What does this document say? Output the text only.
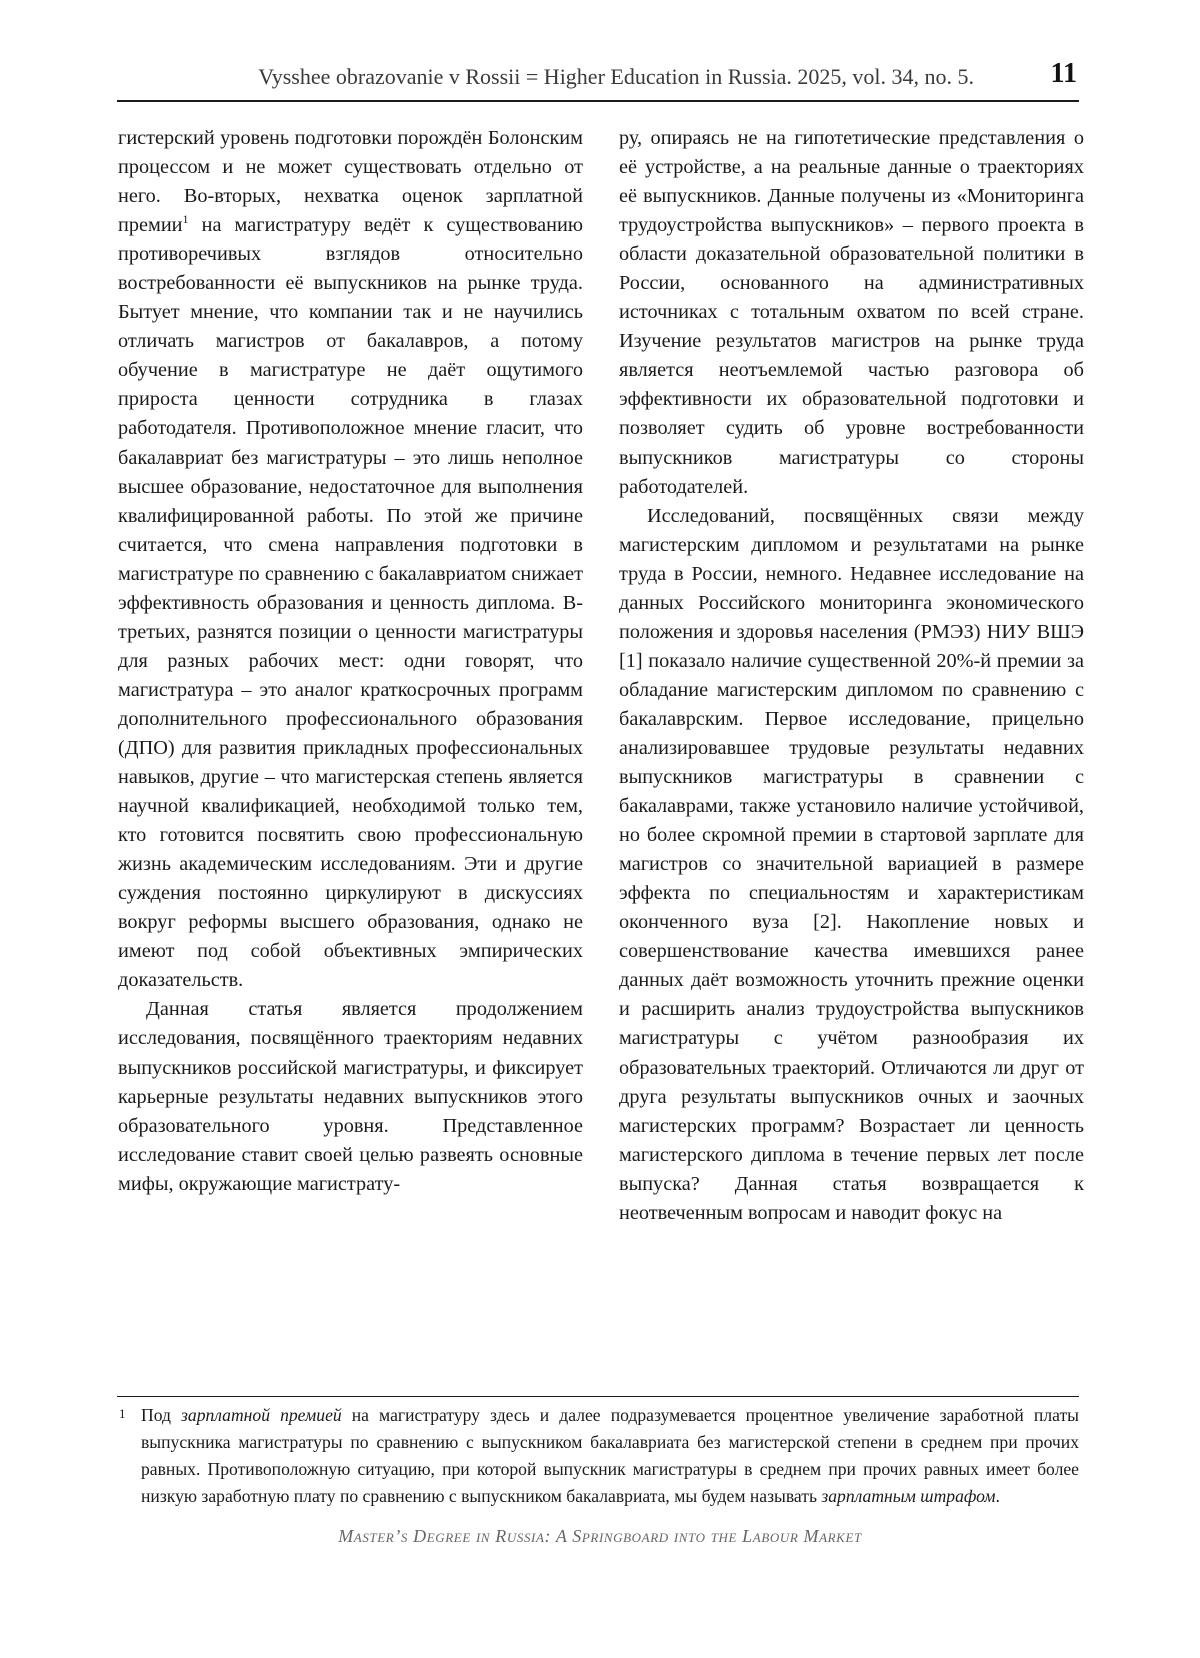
Vysshee obrazovanie v Rossii = Higher Education in Russia. 2025, vol. 34, no. 5.	11

гистерский уровень подготовки порождён Болонским процессом и не может существовать отдельно от него. Во-вторых, нехватка оценок зарплатной премии$^1$ на магистратуру ведёт к существованию противоречивых взглядов относительно востребованности её выпускников на рынке труда. Бытует мнение, что компании так и не научились отличать магистров от бакалавров, а потому обучение в магистратуре не даёт ощутимого прироста ценности сотрудника в глазах работодателя. Противоположное мнение гласит, что бакалавриат без магистратуры – это лишь неполное высшее образование, недостаточное для выполнения квалифицированной работы. По этой же причине считается, что смена направления подготовки в магистратуре по сравнению с бакалавриатом снижает эффективность образования и ценность диплома. В-третьих, разнятся позиции о ценности магистратуры для разных рабочих мест: одни говорят, что магистратура – это аналог краткосрочных программ дополнительного профессионального образования (ДПО) для развития прикладных профессиональных навыков, другие – что магистерская степень является научной квалификацией, необходимой только тем, кто готовится посвятить свою профессиональную жизнь академическим исследованиям. Эти и другие суждения постоянно циркулируют в дискуссиях вокруг реформы высшего образования, однако не имеют под собой объективных эмпирических доказательств.

Данная статья является продолжением исследования, посвящённого траекториям недавних выпускников российской магистратуры, и фиксирует карьерные результаты недавних выпускников этого образовательного уровня. Представленное исследование ставит своей целью развеять основные мифы, окружающие магистрату-

ру, опираясь не на гипотетические представления о её устройстве, а на реальные данные о траекториях её выпускников. Данные получены из «Мониторинга трудоустройства выпускников» – первого проекта в области доказательной образовательной политики в России, основанного на административных источниках с тотальным охватом по всей стране. Изучение результатов магистров на рынке труда является неотъемлемой частью разговора об эффективности их образовательной подготовки и позволяет судить об уровне востребованности выпускников магистратуры со стороны работодателей.

Исследований, посвящённых связи между магистерским дипломом и результатами на рынке труда в России, немного. Недавнее исследование на данных Российского мониторинга экономического положения и здоровья населения (РМЭЗ) НИУ ВШЭ [1] показало наличие существенной 20%-й премии за обладание магистерским дипломом по сравнению с бакалаврским. Первое исследование, прицельно анализировавшее трудовые результаты недавних выпускников магистратуры в сравнении с бакалаврами, также установило наличие устойчивой, но более скромной премии в стартовой зарплате для магистров со значительной вариацией в размере эффекта по специальностям и характеристикам оконченного вуза [2]. Накопление новых и совершенствование качества имевшихся ранее данных даёт возможность уточнить прежние оценки и расширить анализ трудоустройства выпускников магистратуры с учётом разнообразия их образовательных траекторий. Отличаются ли друг от друга результаты выпускников очных и заочных магистерских программ? Возрастает ли ценность магистерского диплома в течение первых лет после выпуска? Данная статья возвращается к неотвеченным вопросам и наводит фокус на

1 Под зарплатной премией на магистратуру здесь и далее подразумевается процентное увеличение заработной платы выпускника магистратуры по сравнению с выпускником бакалавриата без магистерской степени в среднем при прочих равных. Противоположную ситуацию, при которой выпускник магистратуры в среднем при прочих равных имеет более низкую заработную плату по сравнению с выпускником бакалавриата, мы будем называть зарплатным штрафом.
Master’s Degree in Russia: A Springboard into the Labour Market
